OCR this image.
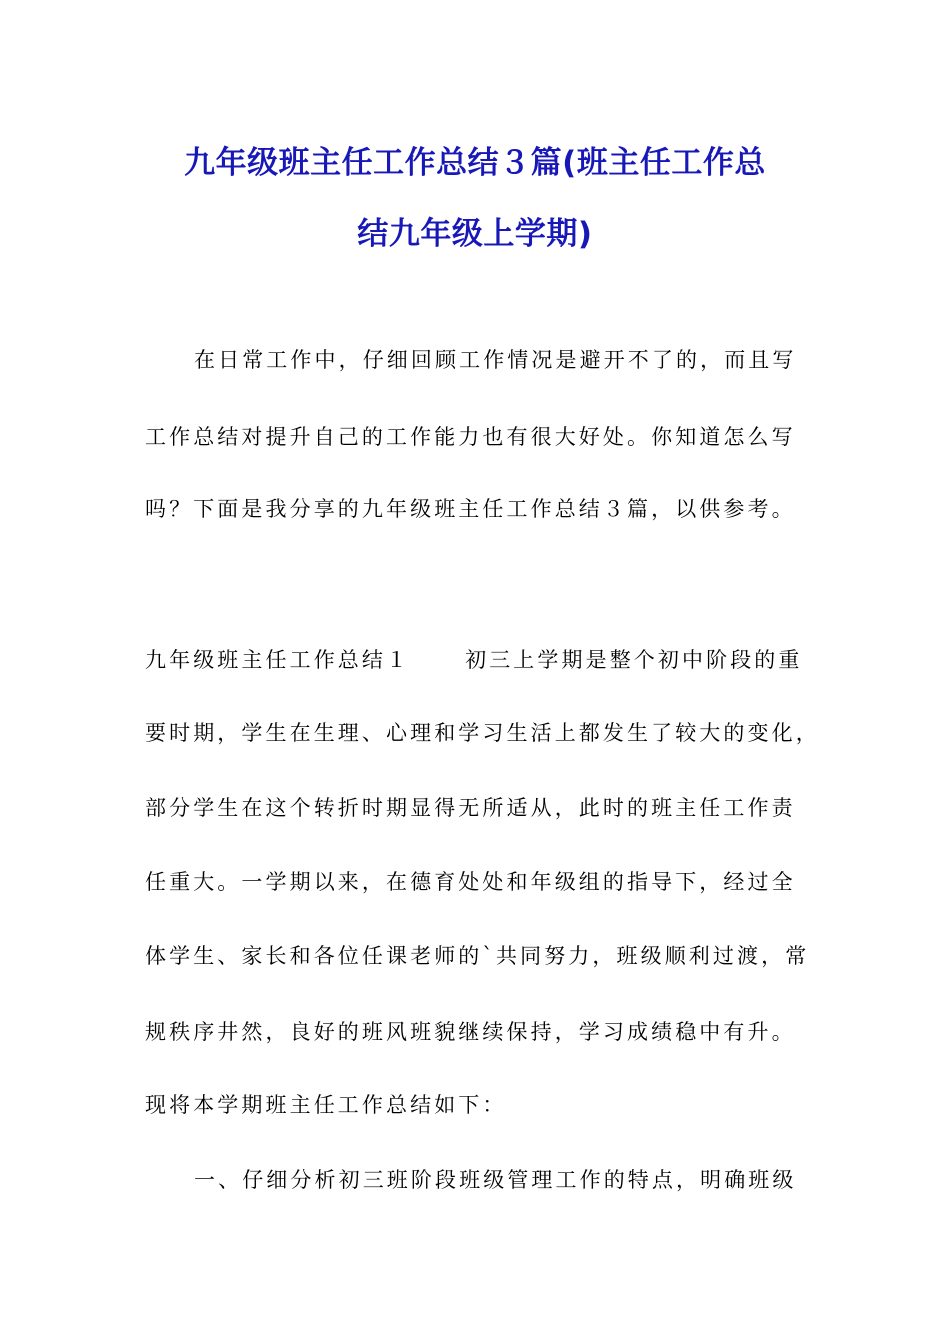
九年级班主任工作总结３篇(班主任工作总
结九年级上学期)
在日常工作中，仔细回顾工作情况是避开不了的，而且写
工作总结对提升自己的工作能力也有很大好处。你知道怎么写
吗？下面是我分享的九年级班主任工作总结３篇，以供参考。
九年级班主任工作总结１	初三上学期是整个初中阶段的重
要时期，学生在生理、心理和学习生活上都发生了较大的变化，
部分学生在这个转折时期显得无所适从，此时的班主任工作责
任重大。一学期以来，在德育处处和年级组的指导下，经过全
体学生、家长和各位任课老师的`共同努力，班级顺利过渡，常
规秩序井然，良好的班风班貌继续保持，学习成绩稳中有升。
现将本学期班主任工作总结如下：
一、仔细分析初三班阶段班级管理工作的特点，明确班级
